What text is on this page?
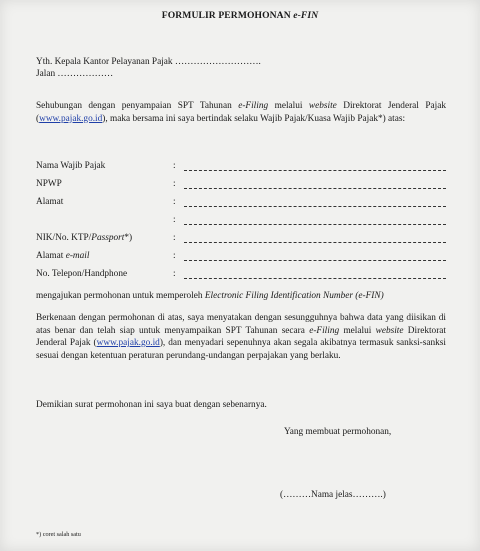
FORMULIR PERMOHONAN e-FIN
Yth. Kepala Kantor Pelayanan Pajak ……………………….
Jalan ………………
Sehubungan dengan penyampaian SPT Tahunan e-Filing melalui website Direktorat Jenderal Pajak (www.pajak.go.id), maka bersama ini saya bertindak selaku Wajib Pajak/Kuasa Wajib Pajak*) atas:
Nama Wajib Pajak	:
NPWP	:
Alamat	:
:
NIK/No. KTP/Passport*)	:
Alamat e-mail	:
No. Telepon/Handphone	:
mengajukan permohonan untuk memperoleh Electronic Filing Identification Number (e-FIN)
Berkenaan dengan permohonan di atas, saya menyatakan dengan sesungguhnya bahwa data yang diisikan di atas benar dan telah siap untuk menyampaikan SPT Tahunan secara e-Filing melalui website Direktorat Jenderal Pajak (www.pajak.go.id), dan menyadari sepenuhnya akan segala akibatnya termasuk sanksi-sanksi sesuai dengan ketentuan peraturan perundang-undangan perpajakan yang berlaku.
Demikian surat permohonan ini saya buat dengan sebenarnya.
Yang membuat permohonan,
(………Nama jelas……….)
*) coret salah satu
